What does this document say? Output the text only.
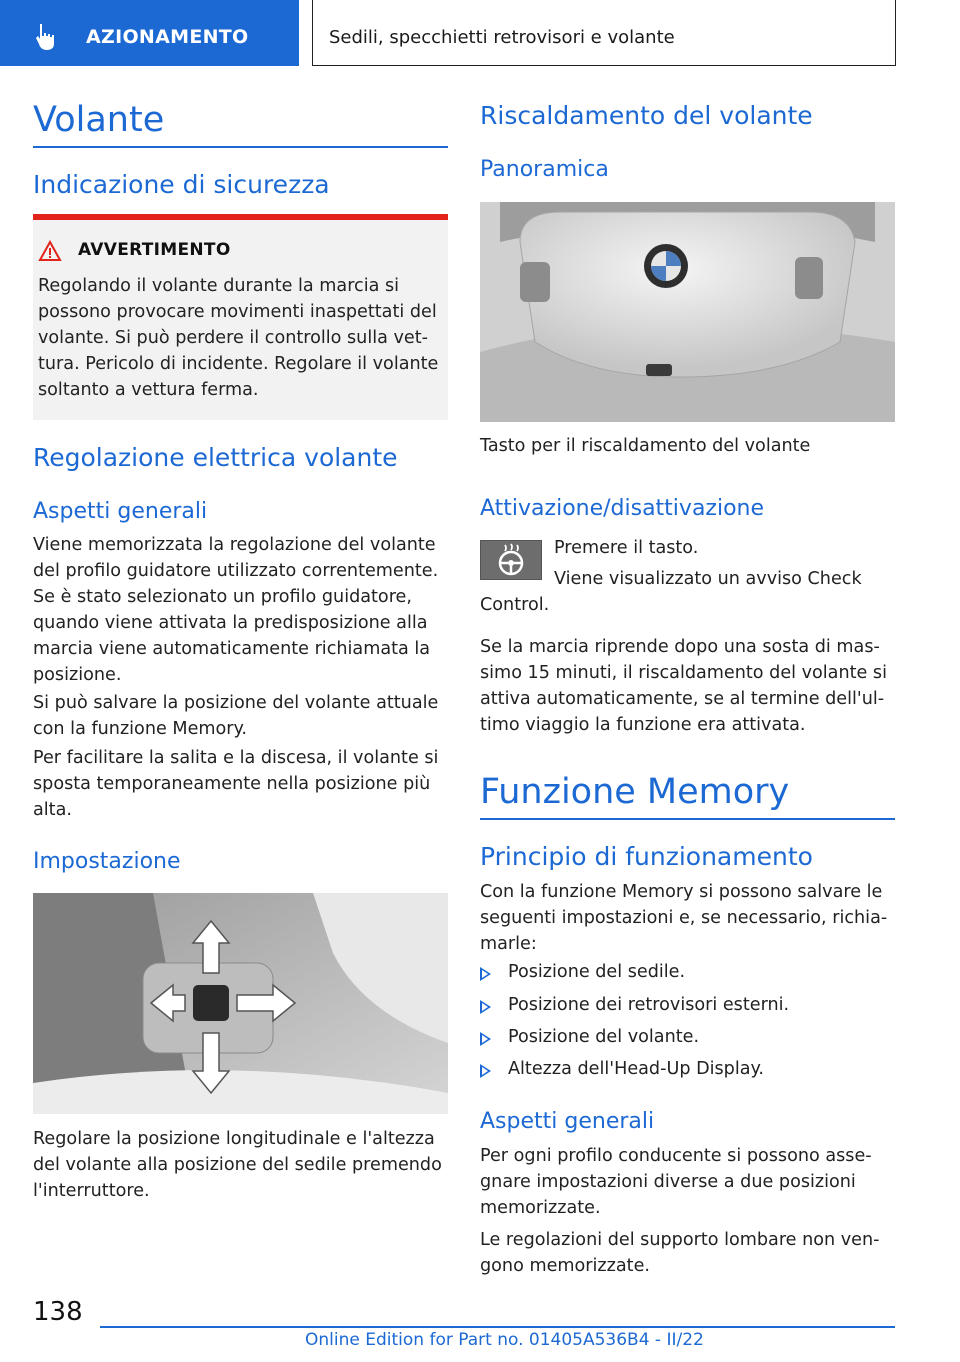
AZIONAMENTO	Sedili, specchietti retrovisori e volante
Volante
Indicazione di sicurezza
AVVERTIMENTO
Regolando il volante durante la marcia si
possono provocare movimenti inaspettati del
volante. Si può perdere il controllo sulla vet-
tura. Pericolo di incidente. Regolare il volante
soltanto a vettura ferma.
Regolazione elettrica volante
Aspetti generali
Viene memorizzata la regolazione del volante
del profilo guidatore utilizzato correntemente.
Se è stato selezionato un profilo guidatore,
quando viene attivata la predisposizione alla
marcia viene automaticamente richiamata la
posizione.
Si può salvare la posizione del volante attuale
con la funzione Memory.
Per facilitare la salita e la discesa, il volante si
sposta temporaneamente nella posizione più
alta.
Impostazione
Regolare la posizione longitudinale e l'altezza
del volante alla posizione del sedile premendo
l'interruttore.
Riscaldamento del volante
Panoramica
Tasto per il riscaldamento del volante
Attivazione/disattivazione
Premere il tasto.
Viene visualizzato un avviso Check
Control.
Se la marcia riprende dopo una sosta di mas-
simo 15 minuti, il riscaldamento del volante si
attiva automaticamente, se al termine dell'ul-
timo viaggio la funzione era attivata.
Funzione Memory
Principio di funzionamento
Con la funzione Memory si possono salvare le
seguenti impostazioni e, se necessario, richia-
marle:
Posizione del sedile.
Posizione dei retrovisori esterni.
Posizione del volante.
Altezza dell'Head-Up Display.
Aspetti generali
Per ogni profilo conducente si possono asse-
gnare impostazioni diverse a due posizioni
memorizzate.
Le regolazioni del supporto lombare non ven-
gono memorizzate.
138
Online Edition for Part no. 01405A536B4 - II/22
